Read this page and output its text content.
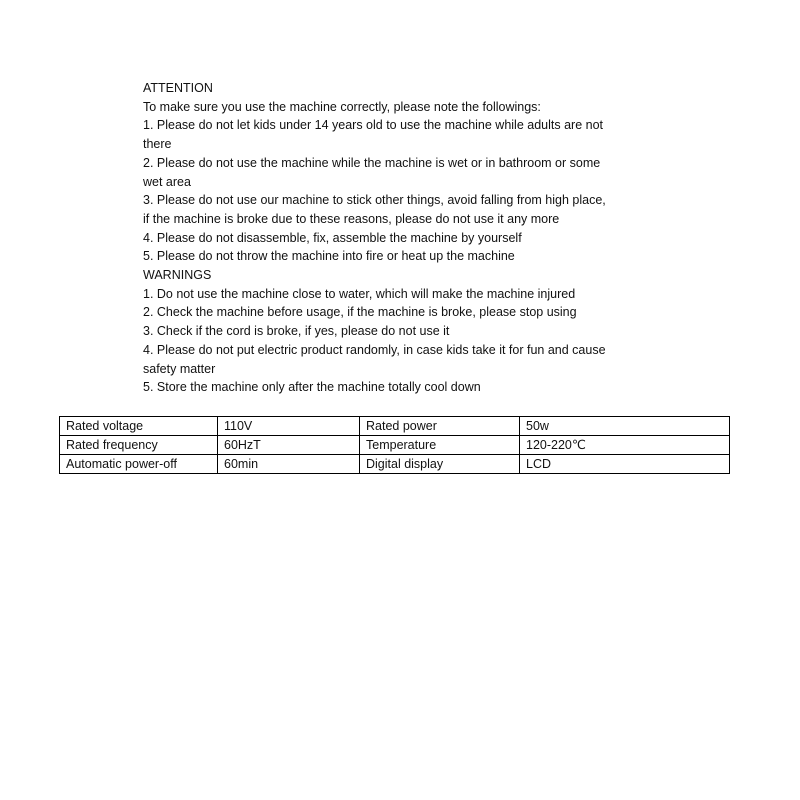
ATTENTION
To make sure you use the machine correctly, please note the followings:
1. Please do not let kids under 14 years old to use the machine while adults are not
there
2. Please do not use the machine while the machine is wet or in bathroom or some
wet area
3. Please do not use our machine to stick other things, avoid falling from high place,
if the machine is broke due to these reasons, please do not use it any more
4. Please do not disassemble, fix, assemble the machine by yourself
5. Please do not throw the machine into fire or heat up the machine
WARNINGS
1. Do not use the machine close to water, which will make the machine injured
2. Check the machine before usage, if the machine is broke, please stop using
3. Check if the cord is broke, if yes, please do not use it
4. Please do not put electric product randomly, in case kids take it for fun and cause
safety matter
5. Store the machine only after the machine totally cool down
Rated voltage	110V	Rated power	50w
Rated frequency	60HzT	Temperature	120-220℃
Automatic power-off	60min	Digital display	LCD
